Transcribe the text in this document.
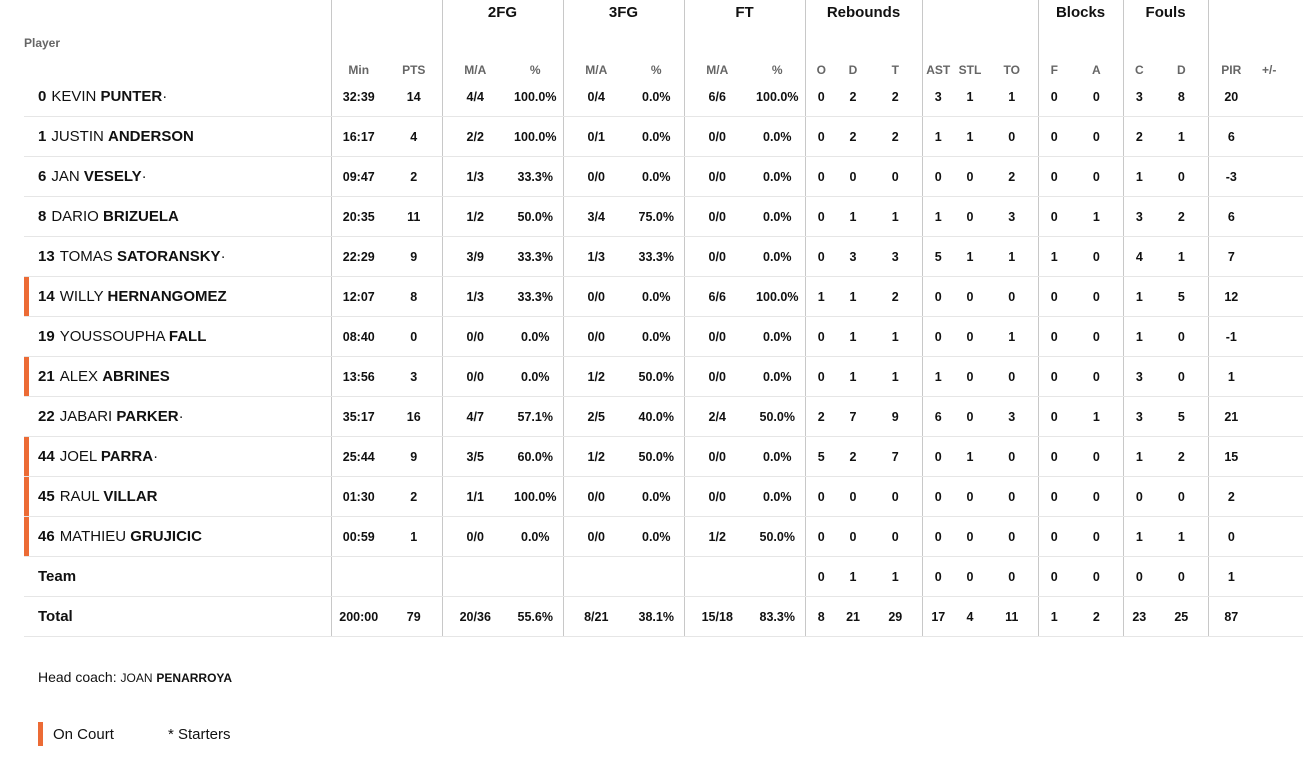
			2FG		3FG		FT		Rebounds						Blocks		Fouls			
Player	Min	PTS	M/A	%	M/A	%	M/A	%	O	D	T	AST	STL	TO	F	A	C	D	PIR	+/-
0 KEVIN PUNTER·	32:39	14	4/4	100.0%	0/4	0.0%	6/6	100.0%	0	2	2	3	1	1	0	0	3	8	20	
1 JUSTIN ANDERSON	16:17	4	2/2	100.0%	0/1	0.0%	0/0	0.0%	0	2	2	1	1	0	0	0	2	1	6	
6 JAN VESELY·	09:47	2	1/3	33.3%	0/0	0.0%	0/0	0.0%	0	0	0	0	0	2	0	0	1	0	-3	
8 DARIO BRIZUELA	20:35	11	1/2	50.0%	3/4	75.0%	0/0	0.0%	0	1	1	1	0	3	0	1	3	2	6	
13 TOMAS SATORANSKY·	22:29	9	3/9	33.3%	1/3	33.3%	0/0	0.0%	0	3	3	5	1	1	1	0	4	1	7	

14 WILLY HERNANGOMEZ	12:07	8	1/3	33.3%	0/0	0.0%	6/6	100.0%	1	1	2	0	0	0	0	0	1	5	12	
19 YOUSSOUPHA FALL	08:40	0	0/0	0.0%	0/0	0.0%	0/0	0.0%	0	1	1	0	0	1	0	0	1	0	-1	

21 ALEX ABRINES	13:56	3	0/0	0.0%	1/2	50.0%	0/0	0.0%	0	1	1	1	0	0	0	0	3	0	1	
22 JABARI PARKER·	35:17	16	4/7	57.1%	2/5	40.0%	2/4	50.0%	2	7	9	6	0	3	0	1	3	5	21	

44 JOEL PARRA·	25:44	9	3/5	60.0%	1/2	50.0%	0/0	0.0%	5	2	7	0	1	0	0	0	1	2	15	

45 RAUL VILLAR	01:30	2	1/1	100.0%	0/0	0.0%	0/0	0.0%	0	0	0	0	0	0	0	0	0	0	2	

46 MATHIEU GRUJICIC	00:59	1	0/0	0.0%	0/0	0.0%	1/2	50.0%	0	0	0	0	0	0	0	0	1	1	0	
Team									0	1	1	0	0	0	0	0	0	0	1	
Total	200:00	79	20/36	55.6%	8/21	38.1%	15/18	83.3%	8	21	29	17	4	11	1	2	23	25	87	
Head coach: JOAN PENARROYA
On Court	* Starters
